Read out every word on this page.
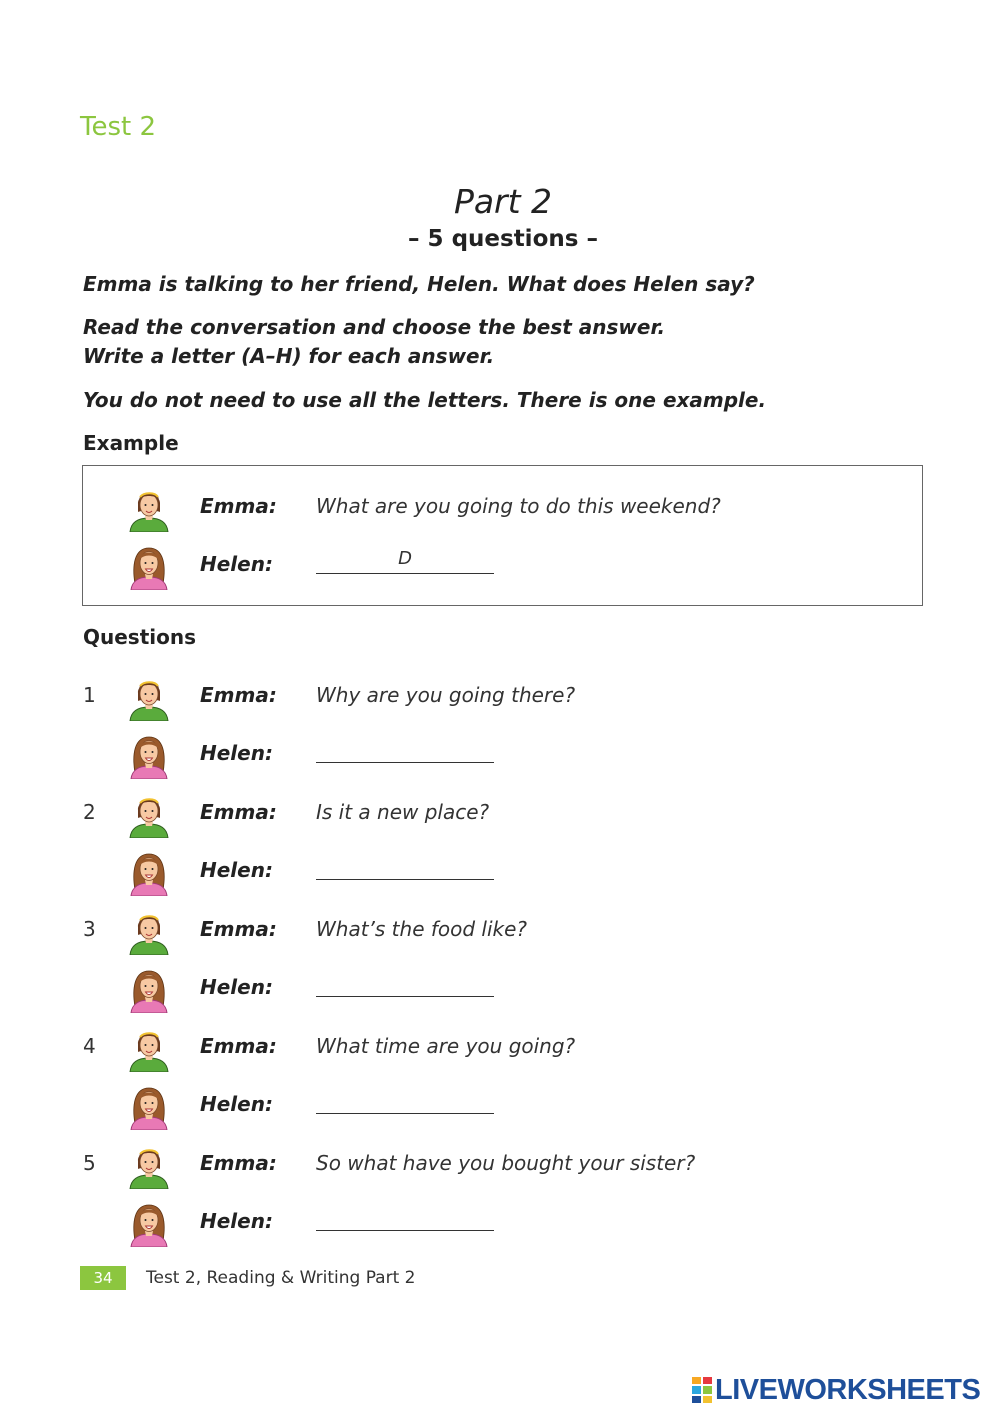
Test 2
Part 2
– 5 questions –
Emma is talking to her friend, Helen. What does Helen say?
Read the conversation and choose the best answer.
Write a letter (A–H) for each answer.
You do not need to use all the letters. There is one example.
Example
Emma: What are you going to do this weekend?
Helen:	D
Questions
1	Emma: Why are you going there?
Helen:
2	Emma: Is it a new place?
Helen:
3	Emma: What’s the food like?
Helen:
4	Emma: What time are you going?
Helen:
5	Emma: So what have you bought your sister?
Helen:
34	Test 2, Reading & Writing Part 2
LIVEWORKSHEETS
